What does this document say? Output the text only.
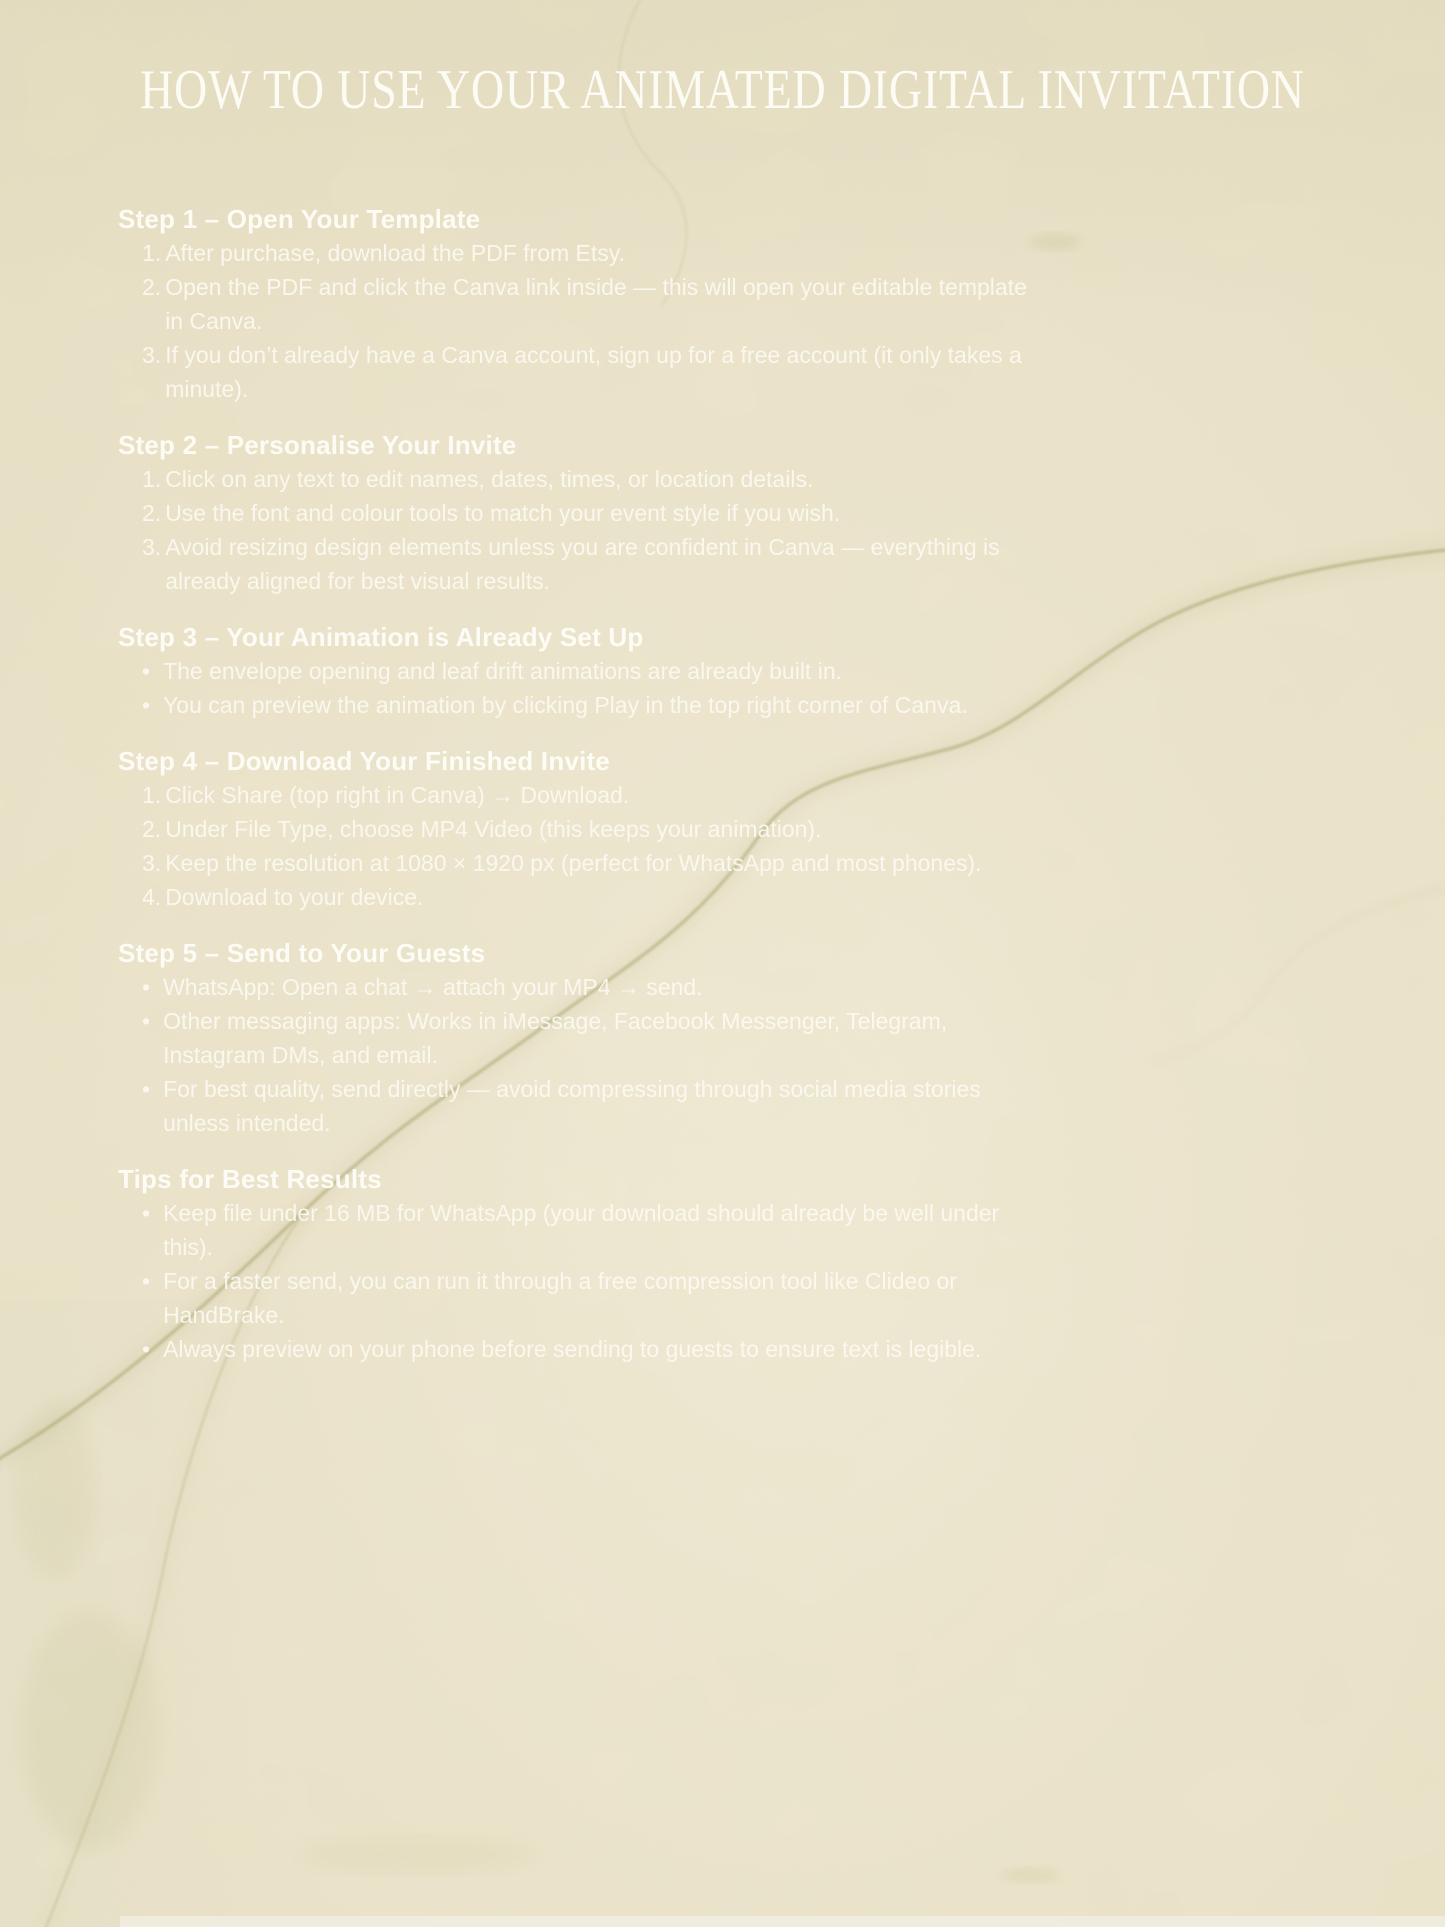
HOW TO USE YOUR ANIMATED DIGITAL INVITATION
Step 1 – Open Your Template
1. After purchase, download the PDF from Etsy.
2. Open the PDF and click the Canva link inside — this will open your editable template in Canva.
3. If you don’t already have a Canva account, sign up for a free account (it only takes a minute).
Step 2 – Personalise Your Invite
1. Click on any text to edit names, dates, times, or location details.
2. Use the font and colour tools to match your event style if you wish.
3. Avoid resizing design elements unless you are confident in Canva — everything is already aligned for best visual results.
Step 3 – Your Animation is Already Set Up
• The envelope opening and leaf drift animations are already built in.
• You can preview the animation by clicking Play in the top right corner of Canva.
Step 4 – Download Your Finished Invite
1. Click Share (top right in Canva) → Download.
2. Under File Type, choose MP4 Video (this keeps your animation).
3. Keep the resolution at 1080 × 1920 px (perfect for WhatsApp and most phones).
4. Download to your device.
Step 5 – Send to Your Guests
• WhatsApp: Open a chat → attach your MP4 → send.
• Other messaging apps: Works in iMessage, Facebook Messenger, Telegram, Instagram DMs, and email.
• For best quality, send directly — avoid compressing through social media stories unless intended.
Tips for Best Results
• Keep file under 16 MB for WhatsApp (your download should already be well under this).
• For a faster send, you can run it through a free compression tool like Clideo or HandBrake.
• Always preview on your phone before sending to guests to ensure text is legible.
